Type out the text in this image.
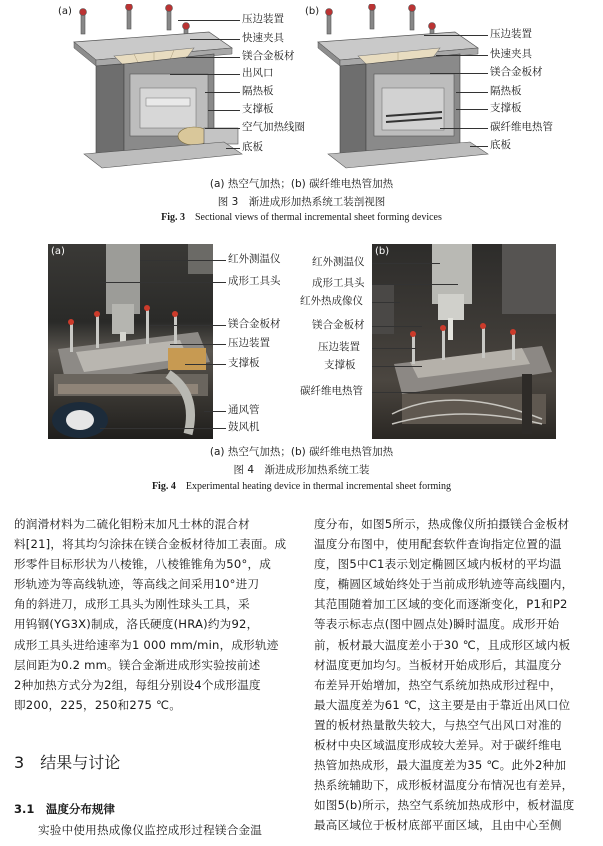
(a)	(b)
压边装置
快速夹具
镁合金板材
出风口
隔热板
支撑板
空气加热线圈
底板
压边装置
快速夹具
镁合金板材
隔热板
支撑板
碳纤维电热管
底板
(a) 热空气加热；(b) 碳纤维电热管加热
图 3　渐进成形加热系统工装剖视图
Fig. 3  Sectional views of thermal incremental sheet forming devices
(a)
红外测温仪
成形工具头
镁合金板材
压边装置
支撑板
通风管
鼓风机
(b)
红外测温仪
成形工具头
红外热成像仪
镁合金板材
压边装置
支撑板
碳纤维电热管
(a) 热空气加热；(b) 碳纤维电热管加热
图 4　渐进成形加热系统工装
Fig. 4  Experimental heating device in thermal incremental sheet forming

的润滑材料为二硫化钼粉末加凡士林的混合材

料[21]，将其均匀涂抹在镁合金板材待加工表面。成

形零件目标形状为八棱锥，八棱锥锥角为50°，成

形轨迹为等高线轨迹，等高线之间采用10°进刀

角的斜进刀，成形工具头为刚性球头工具，采

用钨钢(YG3X)制成，洛氏硬度(HRA)约为92，

成形工具头进给速率为1 000 mm/min，成形轨迹

层间距为0.2 mm。镁合金渐进成形实验按前述

2种加热方式分为2组，每组分别设4个成形温度

即200，225，250和275 ℃。

3  结果与讨论
3.1  温度分布规律

实验中使用热成像仪监控成形过程镁合金温

度分布，如图5所示，热成像仪所拍摄镁合金板材

温度分布图中，使用配套软件查询指定位置的温

度，图5中C1表示划定椭圆区域内板材的平均温

度，椭圆区域始终处于当前成形轨迹等高线圈内，

其范围随着加工区域的变化而逐渐变化，P1和P2

等表示标志点(图中圆点处)瞬时温度。成形开始

前，板材最大温度差小于30 ℃，且成形区域内板

材温度更加均匀。当板材开始成形后，其温度分

布差异开始增加，热空气系统加热成形过程中，

最大温度差为61 ℃，这主要是由于靠近出风口位

置的板材热量散失较大，与热空气出风口对准的

板材中央区域温度形成较大差异。对于碳纤维电

热管加热成形，最大温度差为35 ℃。此外2种加

热系统辅助下，成形板材温度分布情况也有差异，

如图5(b)所示，热空气系统加热成形中，板材温度

最高区域位于板材底部平面区域，且由中心至侧
